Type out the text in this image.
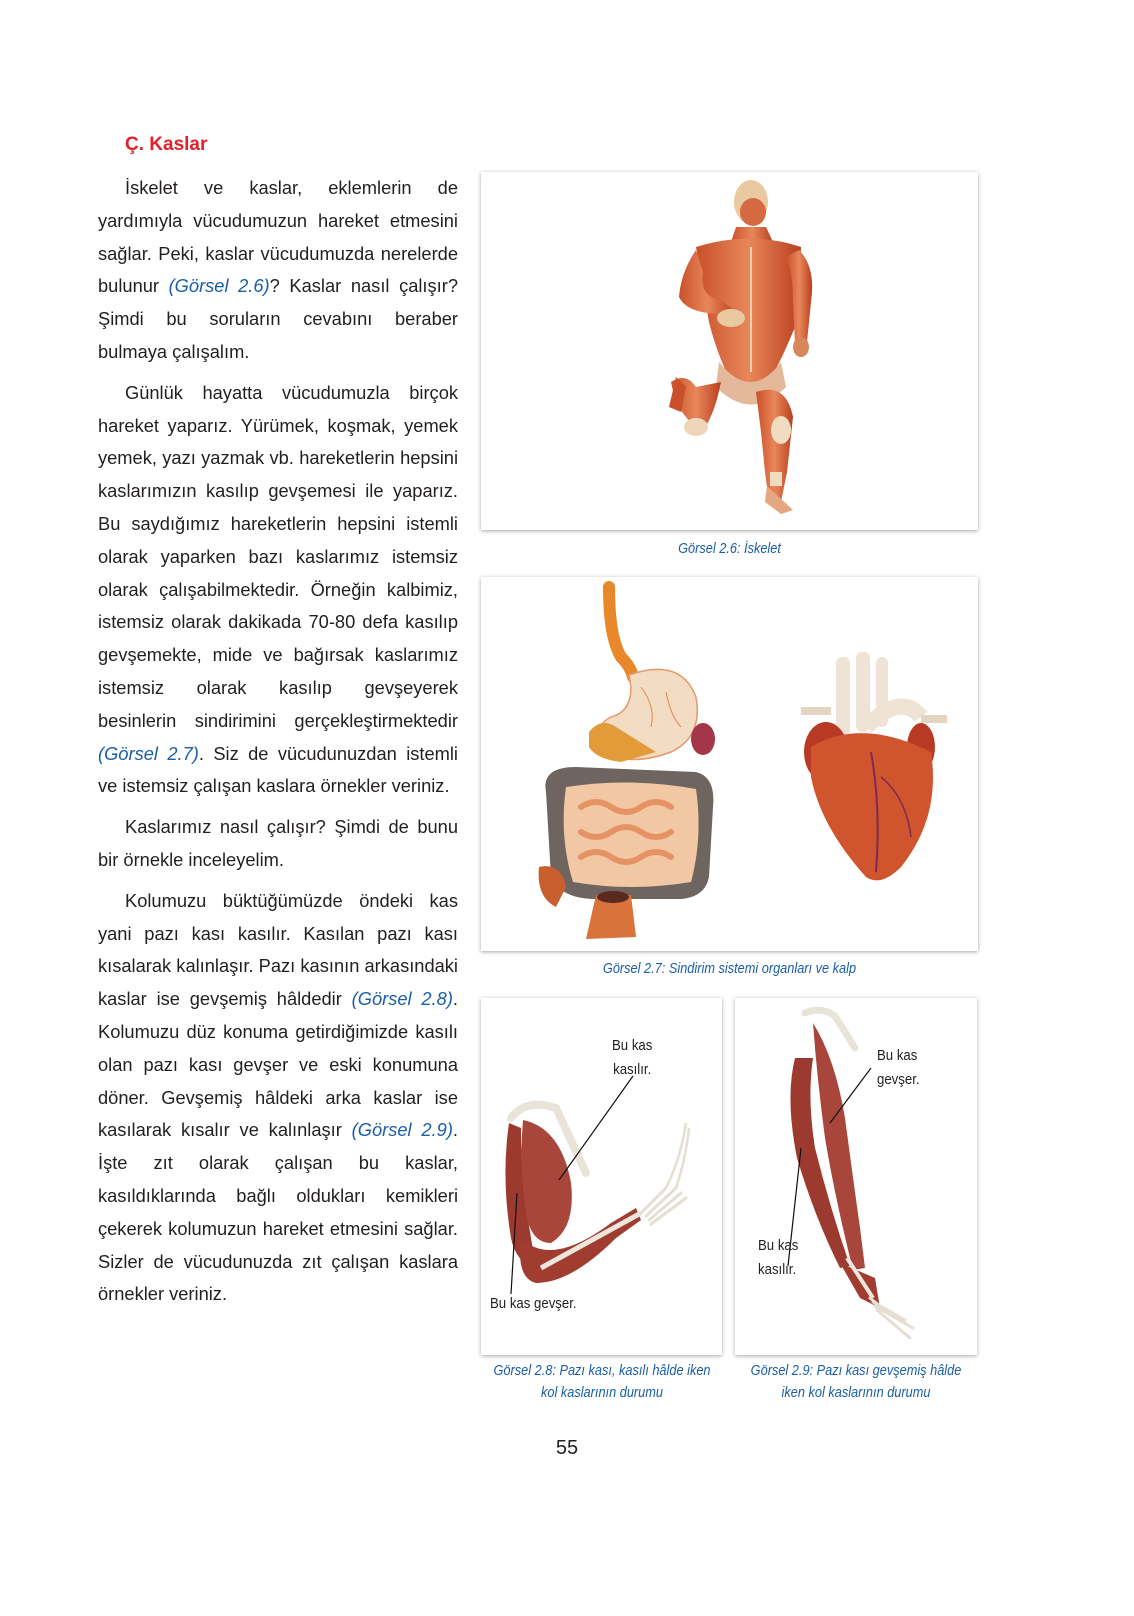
Ç. Kaslar

İskelet ve kaslar, eklemlerin de yardımıyla vücudumuzun hareket etmesini sağlar. Peki, kaslar vücudumuzda nerelerde bulunur (Görsel 2.6)? Kaslar nasıl çalışır? Şimdi bu soruların cevabını beraber bulmaya çalışalım.

Günlük hayatta vücudumuzla birçok hareket yaparız. Yürümek, koşmak, yemek yemek, yazı yazmak vb. hareketlerin hepsini kaslarımızın kasılıp gevşemesi ile yaparız. Bu saydığımız hareketlerin hepsini istemli olarak yaparken bazı kaslarımız istemsiz olarak çalışabilmektedir. Örneğin kalbimiz, istemsiz olarak dakikada 70-80 defa kasılıp gevşemekte, mide ve bağırsak kaslarımız istemsiz olarak kasılıp gevşeyerek besinlerin sindirimini gerçekleştirmektedir (Görsel 2.7). Siz de vücudunuzdan istemli ve istemsiz çalışan kaslara örnekler veriniz.

Kaslarımız nasıl çalışır? Şimdi de bunu bir örnekle inceleyelim.

Kolumuzu büktüğümüzde öndeki kas yani pazı kası kasılır. Kasılan pazı kası kısalarak kalınlaşır. Pazı kasının arkasındaki kaslar ise gevşemiş hâldedir (Görsel 2.8). Kolumuzu düz konuma getirdiğimizde kasılı olan pazı kası gevşer ve eski konumuna döner. Gevşemiş hâldeki arka kaslar ise kasılarak kısalır ve kalınlaşır (Görsel 2.9). İşte zıt olarak çalışan bu kaslar, kasıldıklarında bağlı oldukları kemikleri çekerek kolumuzun hareket etmesini sağlar. Sizler de vücudunuzda zıt çalışan kaslara örnekler veriniz.

Görsel 2.6: İskelet
Görsel 2.7: Sindirim sistemi organları ve kalp
Bu kas
kasılır.
Bu kas gevşer.
Görsel 2.8: Pazı kası, kasılı hâlde iken
kol kaslarının durumu
Bu kas
gevşer.
Bu kas
kasılır.
Görsel 2.9: Pazı kası gevşemiş hâlde
iken kol kaslarının durumu
55
